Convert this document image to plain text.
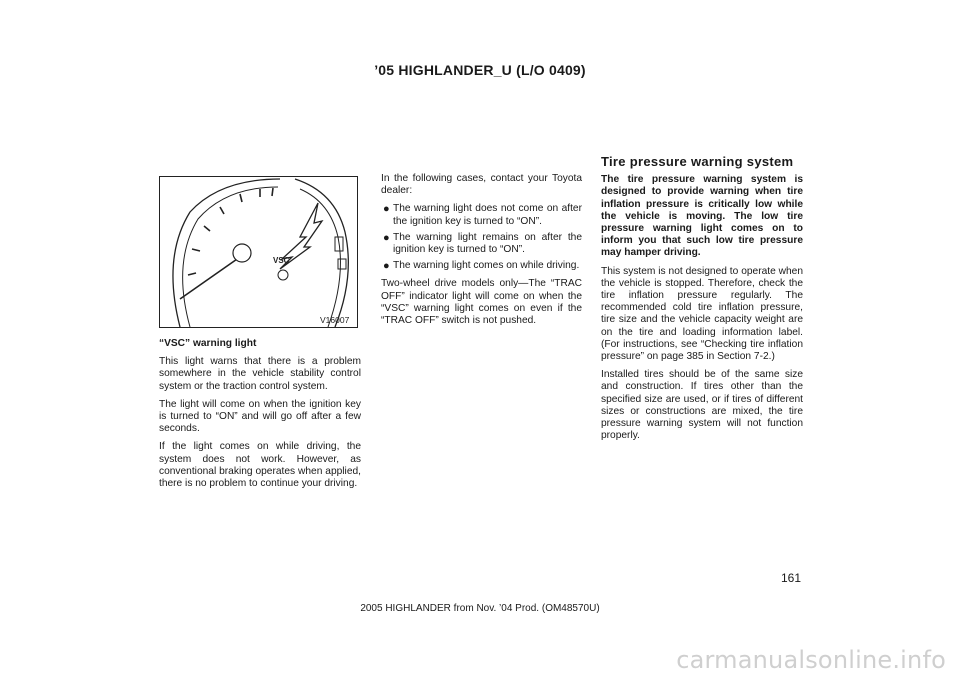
’05 HIGHLANDER_U (L/O 0409)
VSC
V16007

“VSC” warning light

This light warns that there is a problem somewhere in the vehicle stability control system or the traction control system.

The light will come on when the ignition key is turned to “ON” and will go off after a few seconds.

If the light comes on while driving, the system does not work. However, as conventional braking operates when applied, there is no problem to continue your driving.

In the following cases, contact your Toyota dealer:

● The warning light does not come on after the ignition key is turned to “ON”.
● The warning light remains on after the ignition key is turned to “ON”.
● The warning light comes on while driving.

Two-wheel drive models only—The “TRAC OFF” indicator light will come on when the “VSC” warning light comes on even if the “TRAC OFF” switch is not pushed.

Tire pressure warning system

The tire pressure warning system is designed to provide warning when tire inflation pressure is critically low while the vehicle is moving. The low tire pressure warning light comes on to inform you that such low tire pressure may hamper driving.

This system is not designed to operate when the vehicle is stopped. Therefore, check the tire inflation pressure regularly. The recommended cold tire inflation pressure, tire size and the vehicle capacity weight are on the tire and loading information label. (For instructions, see “Checking tire inflation pressure” on page 385 in Section 7-2.)

Installed tires should be of the same size and construction. If tires other than the specified size are used, or if tires of different sizes or constructions are mixed, the tire pressure warning system will not function properly.

161
2005 HIGHLANDER from Nov. ’04 Prod. (OM48570U)
carmanualsonline.info
